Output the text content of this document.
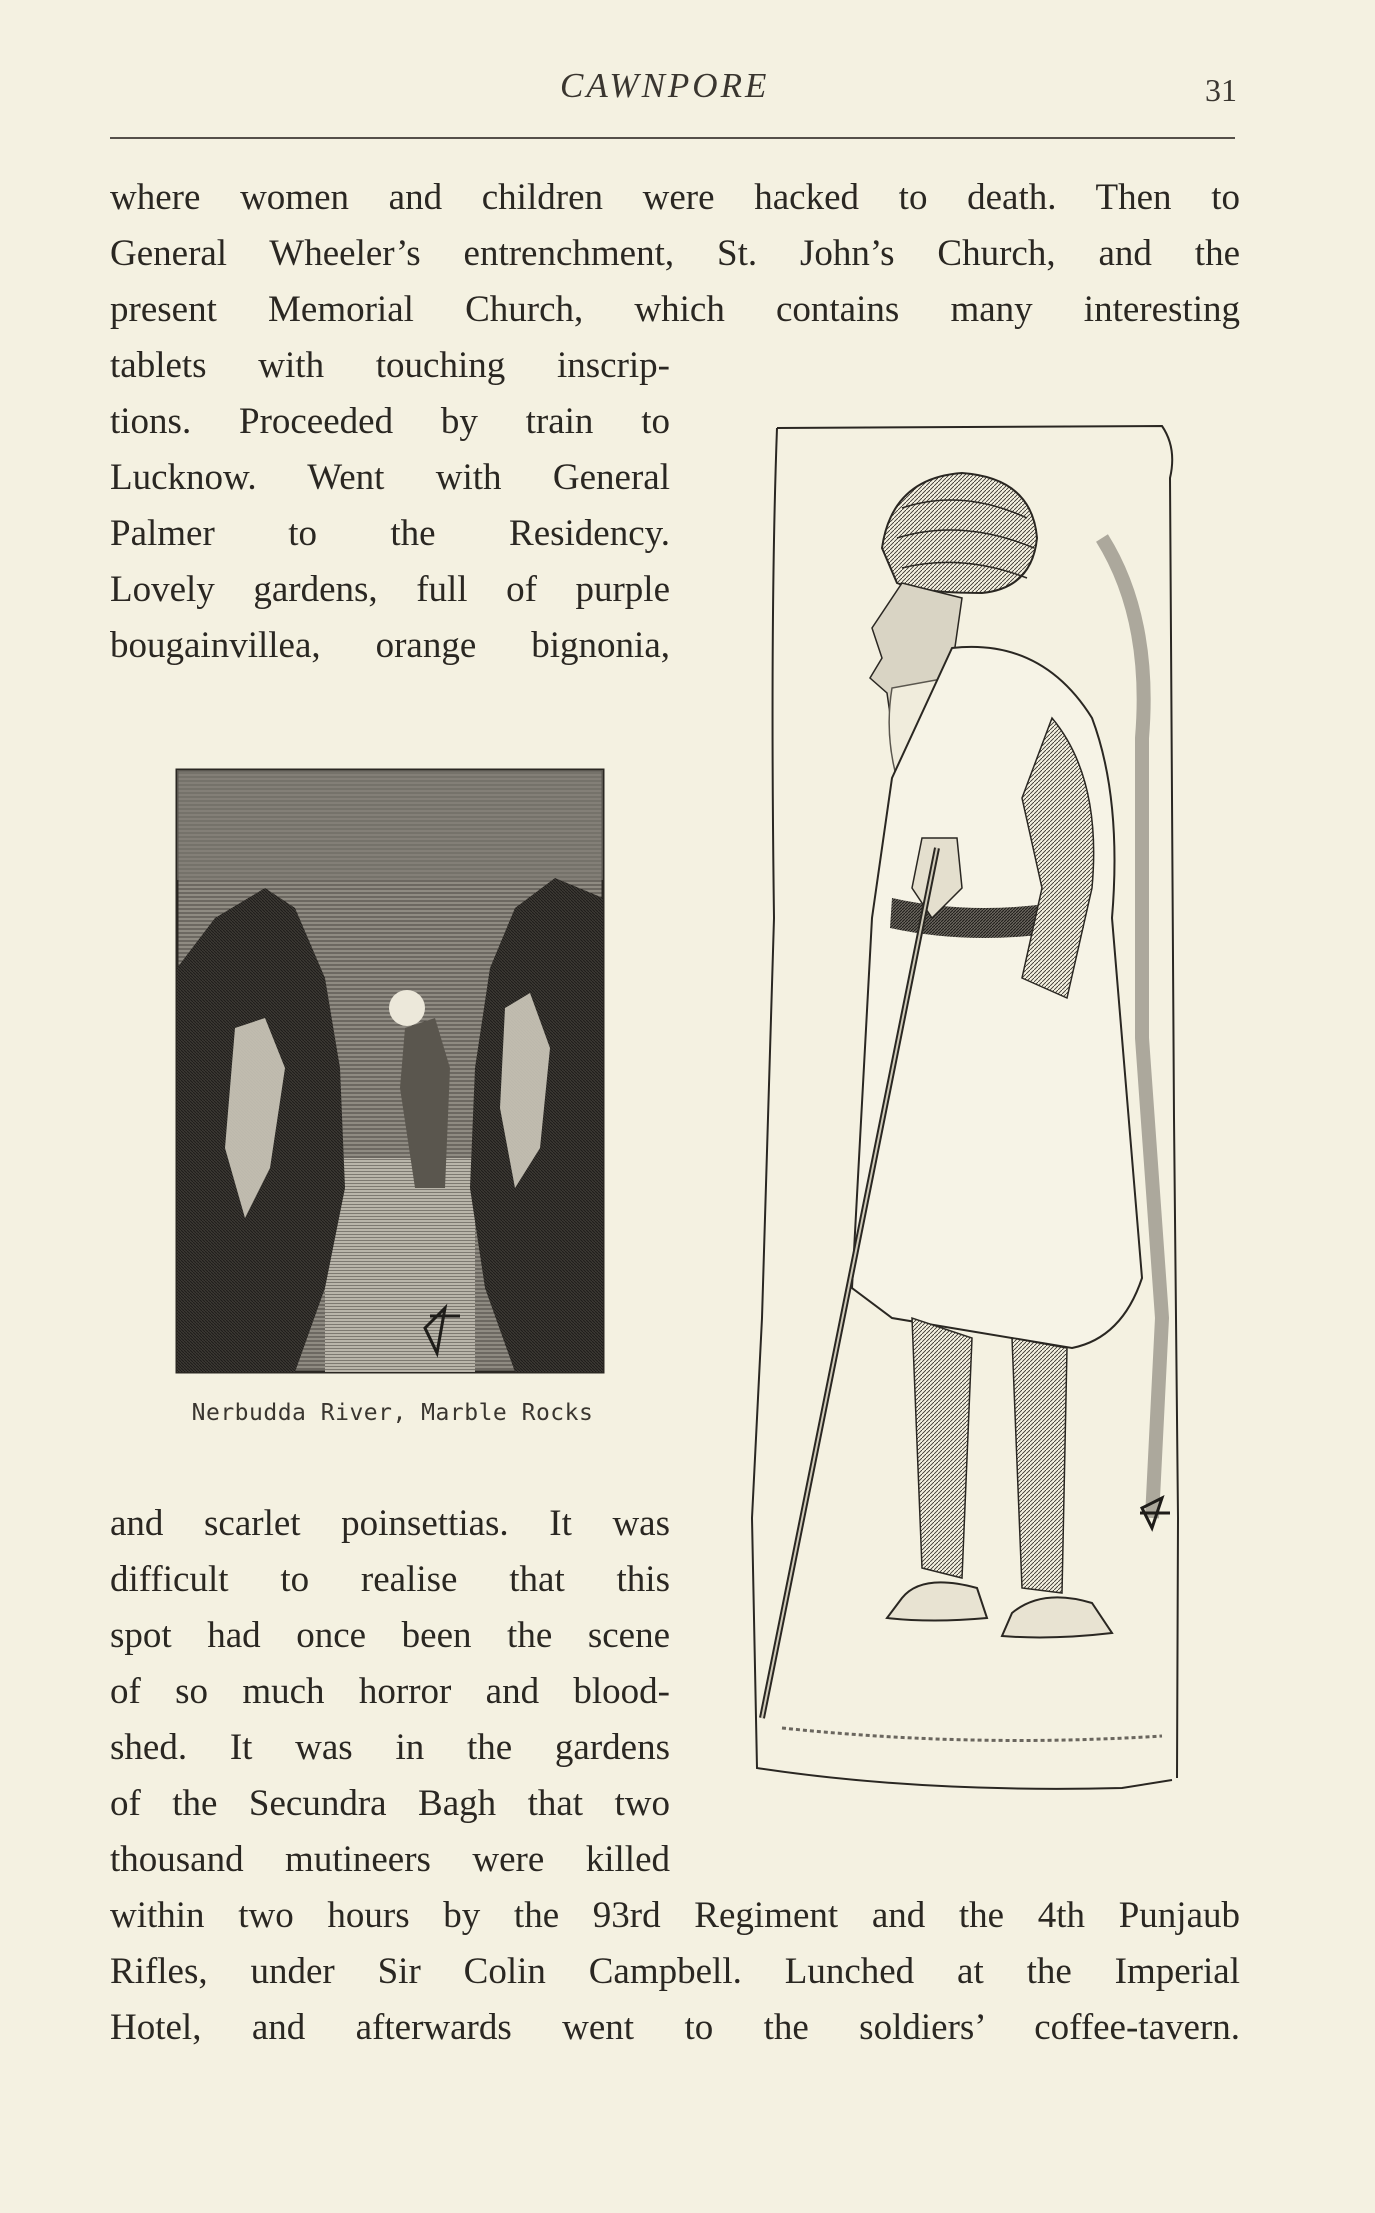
CAWNPORE	31
where women and children were hacked to death. Then to
General Wheeler’s entrenchment, St. John’s Church, and the
present Memorial Church, which contains many interesting
tablets with touching inscrip-
tions. Proceeded by train to
Lucknow. Went with General
Palmer to the Residency.
Lovely gardens, full of purple
bougainvillea, orange bignonia,
Nerbudda River, Marble Rocks
and scarlet poinsettias. It was
difficult to realise that this
spot had once been the scene
of so much horror and blood-
shed. It was in the gardens
of the Secundra Bagh that two
thousand mutineers were killed
within two hours by the 93rd Regiment and the 4th Punjaub
Rifles, under Sir Colin Campbell. Lunched at the Imperial
Hotel, and afterwards went to the soldiers’ coffee-tavern.
